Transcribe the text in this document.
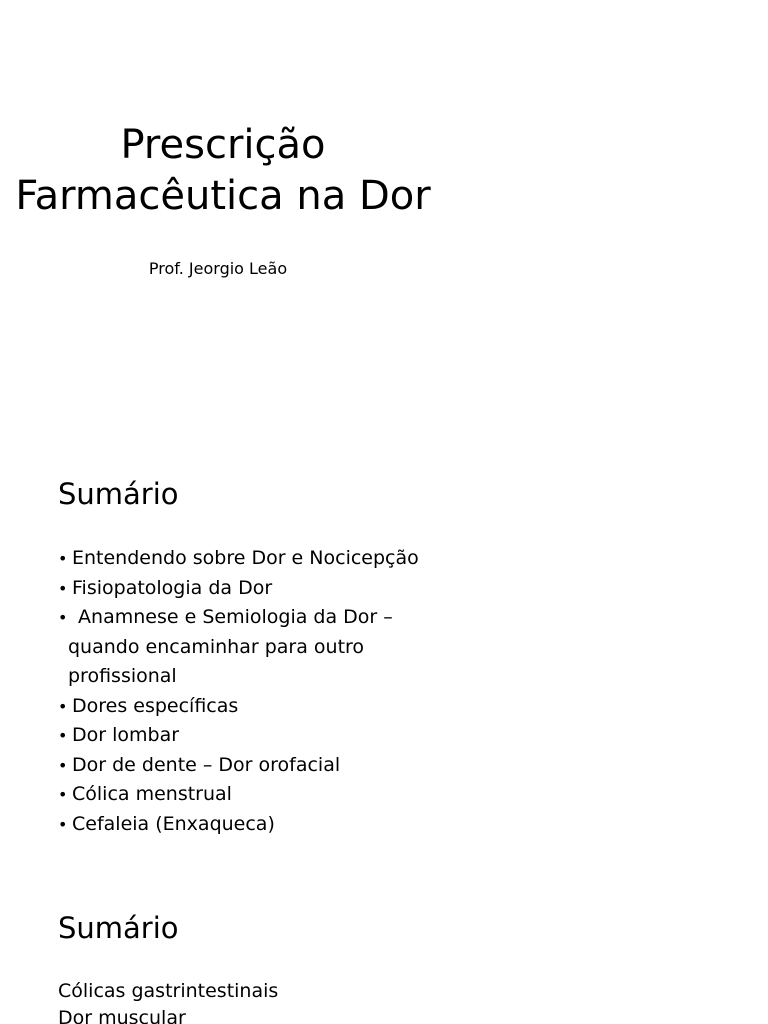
Prescrição
Farmacêutica na Dor
Prof. Jeorgio Leão
Sumário
• Entendendo sobre Dor e Nocicepção
• Fisiopatologia da Dor
• Anamnese e Semiologia da Dor –
quando encaminhar para outro
profissional
• Dores específicas
• Dor lombar
• Dor de dente – Dor orofacial
• Cólica menstrual
• Cefaleia (Enxaqueca)
Sumário
Cólicas gastrintestinais
Dor muscular
